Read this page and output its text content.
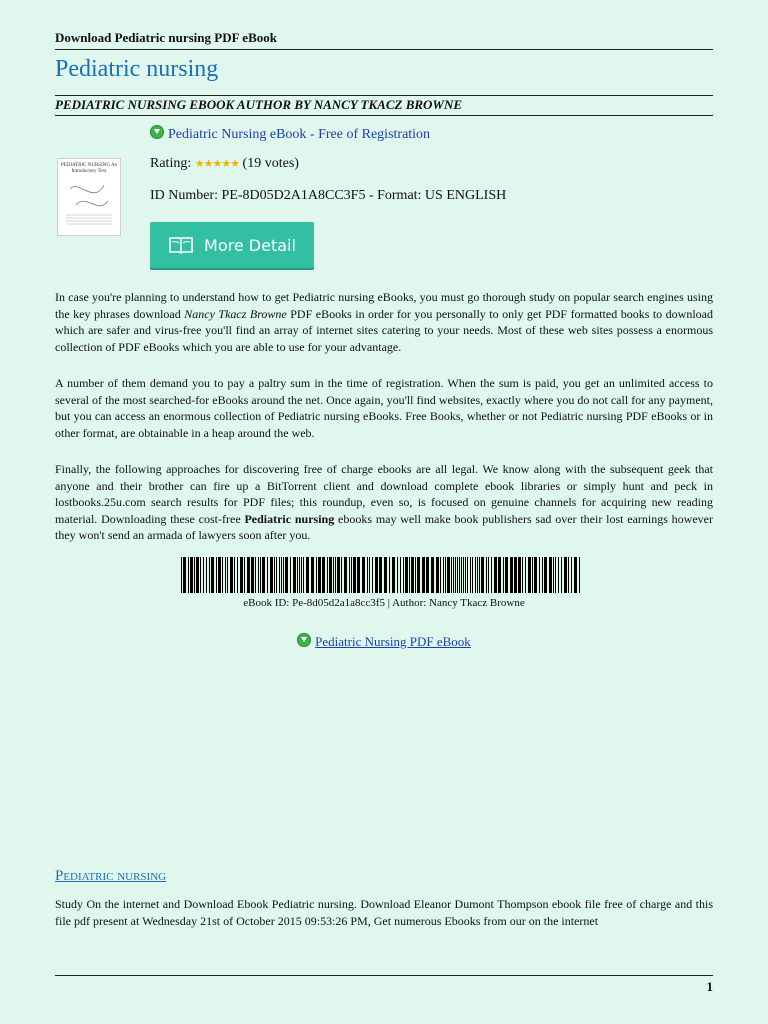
Download Pediatric nursing PDF eBook
Pediatric nursing
PEDIATRIC NURSING EBOOK AUTHOR BY NANCY TKACZ BROWNE
PEDIATRIC NURSING An Introductory Text
Pediatric Nursing eBook - Free of Registration
Rating: ★★★★★ (19 votes)
ID Number: PE-8D05D2A1A8CC3F5 - Format: US ENGLISH
More Detail
In case you're planning to understand how to get Pediatric nursing eBooks, you must go thorough study on popular search engines using the key phrases download Nancy Tkacz Browne PDF eBooks in order for you personally to only get PDF formatted books to download which are safer and virus-free you'll find an array of internet sites catering to your needs. Most of these web sites possess a enormous collection of PDF eBooks which you are able to use for your advantage.
A number of them demand you to pay a paltry sum in the time of registration. When the sum is paid, you get an unlimited access to several of the most searched-for eBooks around the net. Once again, you'll find websites, exactly where you do not call for any payment, but you can access an enormous collection of Pediatric nursing eBooks. Free Books, whether or not Pediatric nursing PDF eBooks or in other format, are obtainable in a heap around the web.
Finally, the following approaches for discovering free of charge ebooks are all legal. We know along with the subsequent geek that anyone and their brother can fire up a BitTorrent client and download complete ebook libraries or simply hunt and peck in lostbooks.25u.com search results for PDF files; this roundup, even so, is focused on genuine channels for acquiring new reading material. Downloading these cost-free Pediatric nursing ebooks may well make book publishers sad over their lost earnings however they won't send an armada of lawyers soon after you.
eBook ID: Pe-8d05d2a1a8cc3f5 | Author: Nancy Tkacz Browne
Pediatric Nursing PDF eBook
Pediatric nursing
Study On the internet and Download Ebook Pediatric nursing. Download Eleanor Dumont Thompson ebook file free of charge and this file pdf present at Wednesday 21st of October 2015 09:53:26 PM, Get numerous Ebooks from our on the internet
1
